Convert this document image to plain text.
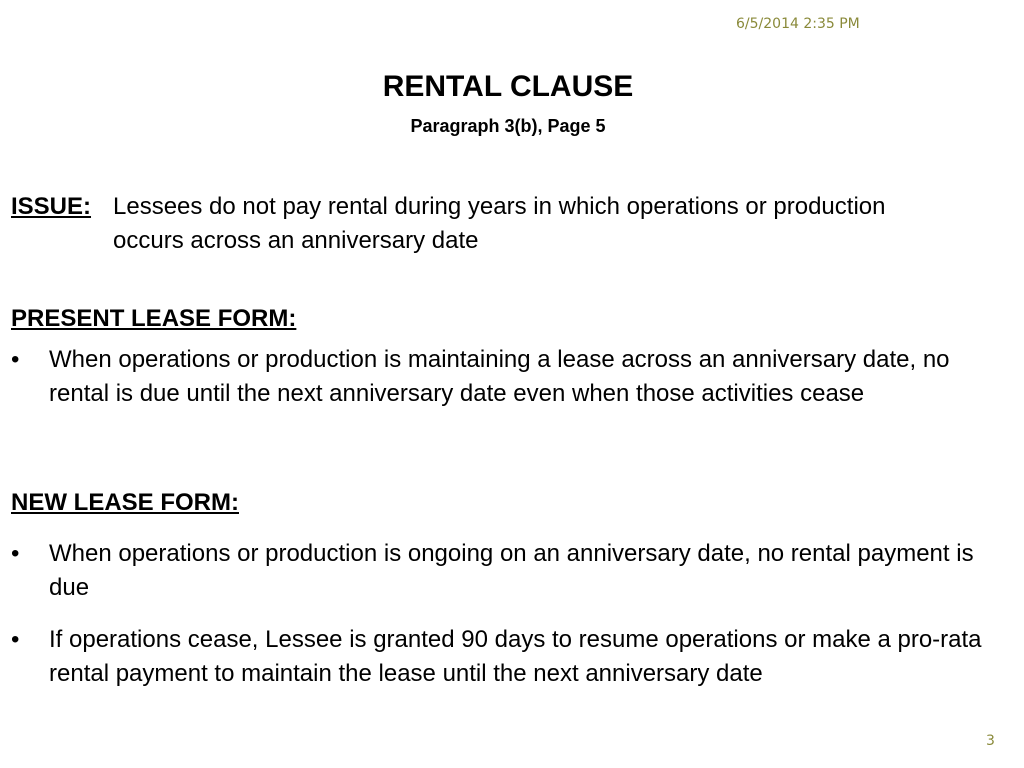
6/5/2014 2:35 PM
RENTAL CLAUSE
Paragraph 3(b), Page 5
ISSUE: Lessees do not pay rental during years in which operations or production occurs across an anniversary date
PRESENT LEASE FORM:
•	When operations or production is maintaining a lease across an anniversary date, no rental is due until the next anniversary date even when those activities cease
NEW LEASE FORM:
•	When operations or production is ongoing on an anniversary date, no rental payment is due
•	If operations cease, Lessee is granted 90 days to resume operations or make a pro-rata rental payment to maintain the lease until the next anniversary date
3
